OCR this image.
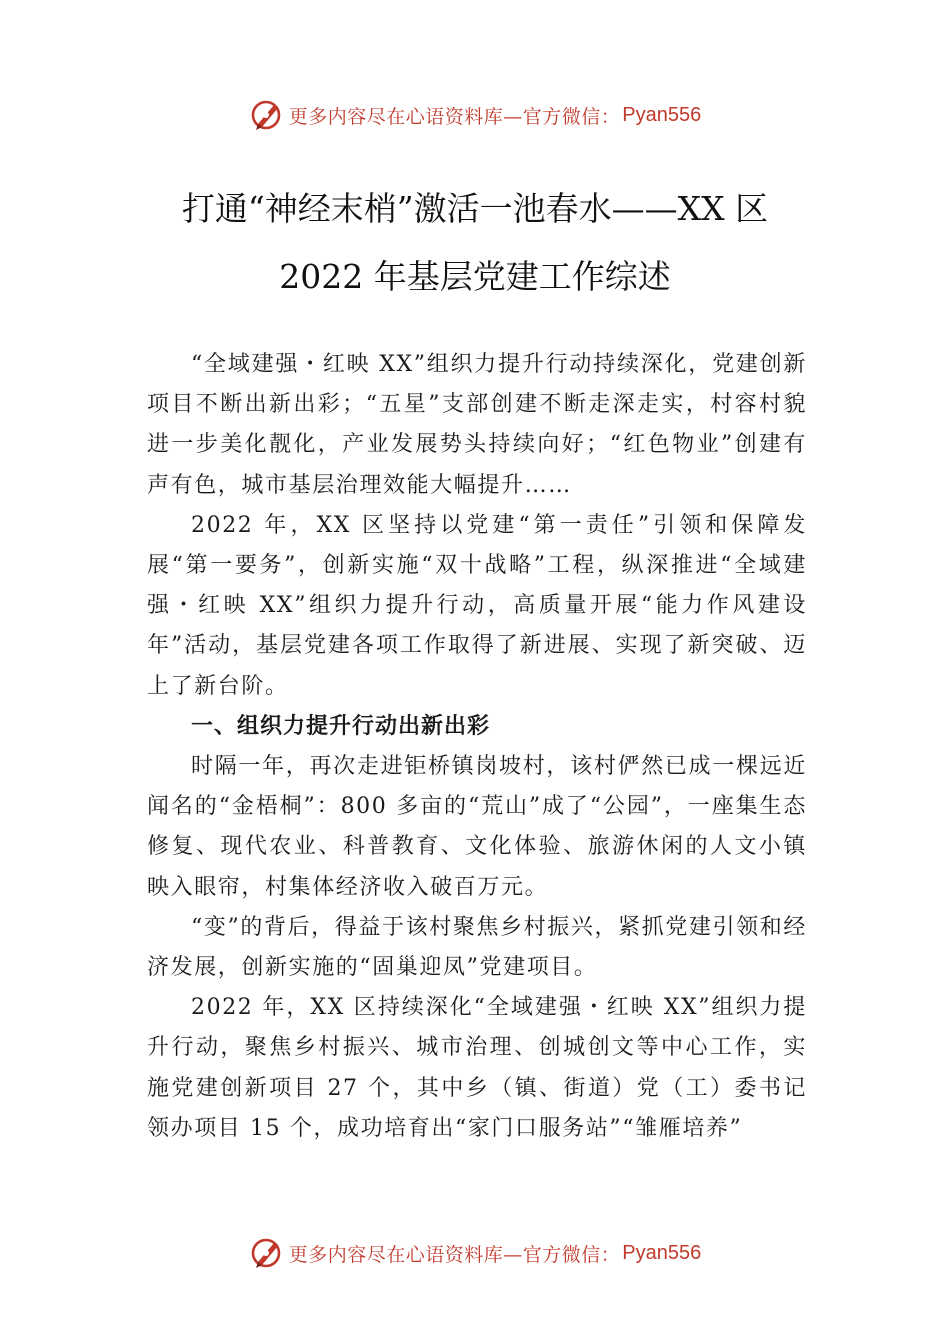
更多内容尽在心语资料库—官方微信： Pyan556
打通“神经末梢”激活一池春水——XX 区 2022 年基层党建工作综述

“全域建强・红映 XX”组织力提升行动持续深化，党建创新项目不断出新出彩；“五星”支部创建不断走深走实，村容村貌进一步美化靓化，产业发展势头持续向好；“红色物业”创建有声有色，城市基层治理效能大幅提升……

2022 年，XX 区坚持以党建“第一责任”引领和保障发展“第一要务”，创新实施“双十战略”工程，纵深推进“全域建强・红映 XX”组织力提升行动，高质量开展“能力作风建设年”活动，基层党建各项工作取得了新进展、实现了新突破、迈上了新台阶。

一、组织力提升行动出新出彩

时隔一年，再次走进钜桥镇岗坡村，该村俨然已成一棵远近闻名的“金梧桐”：800 多亩的“荒山”成了“公园”，一座集生态修复、现代农业、科普教育、文化体验、旅游休闲的人文小镇映入眼帘，村集体经济收入破百万元。

“变”的背后，得益于该村聚焦乡村振兴，紧抓党建引领和经济发展，创新实施的“固巢迎凤”党建项目。

2022 年，XX 区持续深化“全域建强・红映 XX”组织力提升行动，聚焦乡村振兴、城市治理、创城创文等中心工作，实施党建创新项目 27 个，其中乡（镇、街道）党（工）委书记领办项目 15 个，成功培育出“家门口服务站”“雏雁培养”

更多内容尽在心语资料库—官方微信： Pyan556
